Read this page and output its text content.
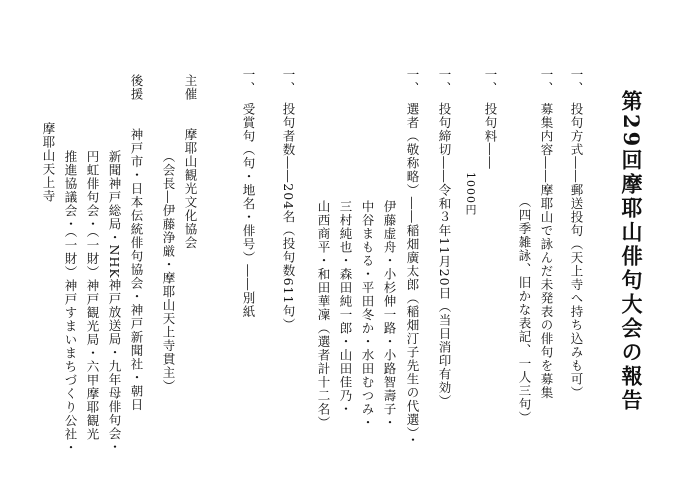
第29回摩耶山俳句大会の報告
一、　投句方式――郵送投句（天上寺へ持ち込みも可）
一、　募集内容――摩耶山で詠んだ未発表の俳句を募集
（四季雑詠、旧かな表記、一人三句）
一、　投句料――
1000円
一、　投句締切――令和３年11月20日（当日消印有効）
一、　選者（敬称略）――稲畑廣太郎（稲畑汀子先生の代選）・
伊藤虚舟・小杉伸一路・小路智壽子・
中谷まもる・平田冬か・水田むつみ・
三村純也・森田純一郎・山田佳乃・
山西商平・和田華凜（選者計十二名）
一、　投句者数――204名（投句数611句）
一、　受賞句（句・地名・俳号）――別紙
主催　　摩耶山観光文化協会
（会長―伊藤浄厳・摩耶山天上寺貫主）
後援　　神戸市・日本伝統俳句協会・神戸新聞社・朝日
新聞神戸総局・NHK神戸放送局・九年母俳句会・
円虹俳句会・（一財）神戸観光局・六甲摩耶観光
推進協議会・（一財）神戸すまいまちづくり公社・
摩耶山天上寺
